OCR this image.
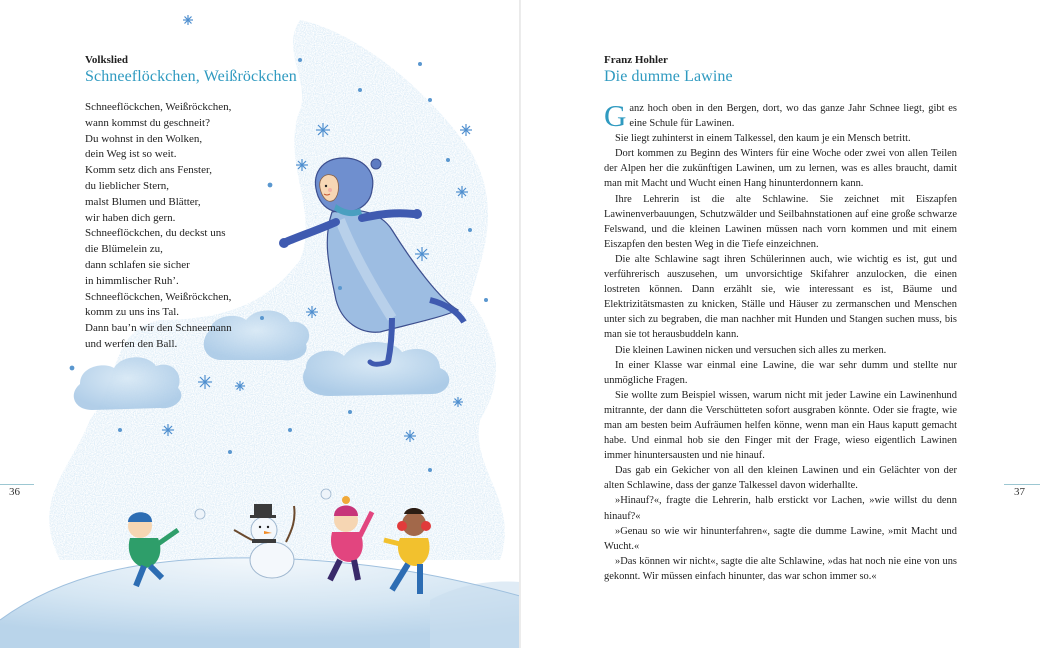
Volkslied
Schneeflöckchen, Weißröckchen
Schneeflöckchen, Weißröckchen,
wann kommst du geschneit?
Du wohnst in den Wolken,
dein Weg ist so weit.
Komm setz dich ans Fenster,
du lieblicher Stern,
malst Blumen und Blätter,
wir haben dich gern.
Schneeflöckchen, du deckst uns
die Blümelein zu,
dann schlafen sie sicher
in himmlischer Ruh’.
Schneeflöckchen, Weißröckchen,
komm zu uns ins Tal.
Dann bau’n wir den Schneemann
und werfen den Ball.
36
Franz Hohler
Die dumme Lawine

Ganz hoch oben in den Bergen, dort, wo das ganze Jahr Schnee liegt, gibt es eine Schule für Lawinen.

Sie liegt zuhinterst in einem Talkessel, den kaum je ein Mensch betritt.

Dort kommen zu Beginn des Winters für eine Woche oder zwei von allen Teilen der Alpen her die zukünftigen Lawinen, um zu lernen, was es alles braucht, damit man mit Macht und Wucht einen Hang hinunterdonnern kann.

Ihre Lehrerin ist die alte Schlawine. Sie zeichnet mit Eiszapfen Lawinenverbauungen, Schutzwälder und Seilbahnstationen auf eine große schwarze Felswand, und die kleinen Lawinen müssen nach vorn kommen und mit einem Eiszapfen den besten Weg in die Tiefe einzeichnen.

Die alte Schlawine sagt ihren Schülerinnen auch, wie wichtig es ist, gut und verführerisch auszusehen, um unvorsichtige Skifahrer anzulocken, die einen lostreten können. Dann erzählt sie, wie interessant es ist, Bäume und Elektrizitätsmasten zu knicken, Ställe und Häuser zu zermanschen und Menschen unter sich zu begraben, die man nachher mit Hunden und Stangen suchen muss, bis man sie tot herausbuddeln kann.

Die kleinen Lawinen nicken und versuchen sich alles zu merken.

In einer Klasse war einmal eine Lawine, die war sehr dumm und stellte nur unmögliche Fragen.

Sie wollte zum Beispiel wissen, warum nicht mit jeder Lawine ein Lawinenhund mitrannte, der dann die Verschütteten sofort ausgraben könnte. Oder sie fragte, wie man am besten beim Aufräumen helfen könne, wenn man ein Haus kaputt gemacht habe. Und einmal hob sie den Finger mit der Frage, wieso eigentlich Lawinen immer hinuntersausten und nie hinauf.

Das gab ein Gekicher von all den kleinen Lawinen und ein Gelächter von der alten Schlawine, dass der ganze Talkessel davon widerhallte.

»Hinauf?«, fragte die Lehrerin, halb erstickt vor Lachen, »wie willst du denn hinauf?«

»Genau so wie wir hinunterfahren«, sagte die dumme Lawine, »mit Macht und Wucht.«

»Das können wir nicht«, sagte die alte Schlawine, »das hat noch nie eine von uns gekonnt. Wir müssen einfach hinunter, das war schon immer so.«

37
